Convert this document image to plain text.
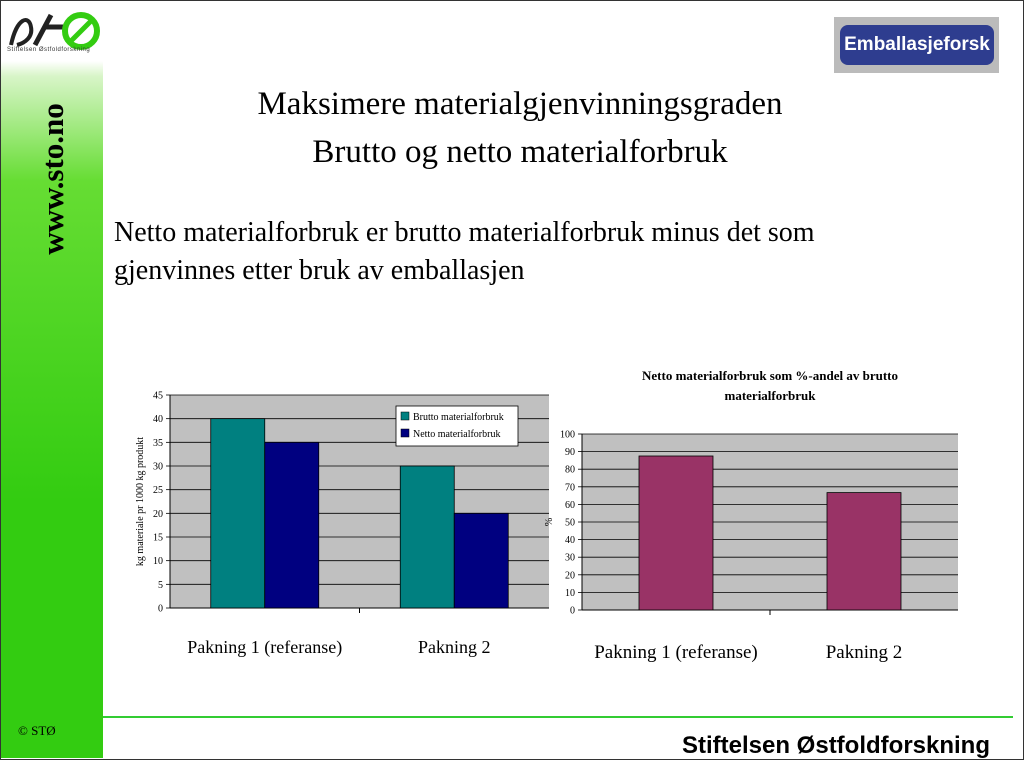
Stiftelsen Østfoldforskning
www.sto.no
© STØ
Emballasjeforsk
Maksimere materialgjenvinningsgraden
Brutto og netto materialforbruk
Netto materialforbruk er brutto materialforbruk minus det som gjenvinnes etter bruk av emballasjen
0
5
10
15
20
25
30
35
40
45
Pakning 1 (referanse)	Pakning 2
kg materiale pr 1000 kg produkt
Brutto materialforbruk
Netto materialforbruk
Netto materialforbruk som %-andel av brutto
materialforbruk
0
10
20
30
40
50
60
70
80
90
100
Pakning 1 (referanse)	Pakning 2
%
Stiftelsen Østfoldforskning
